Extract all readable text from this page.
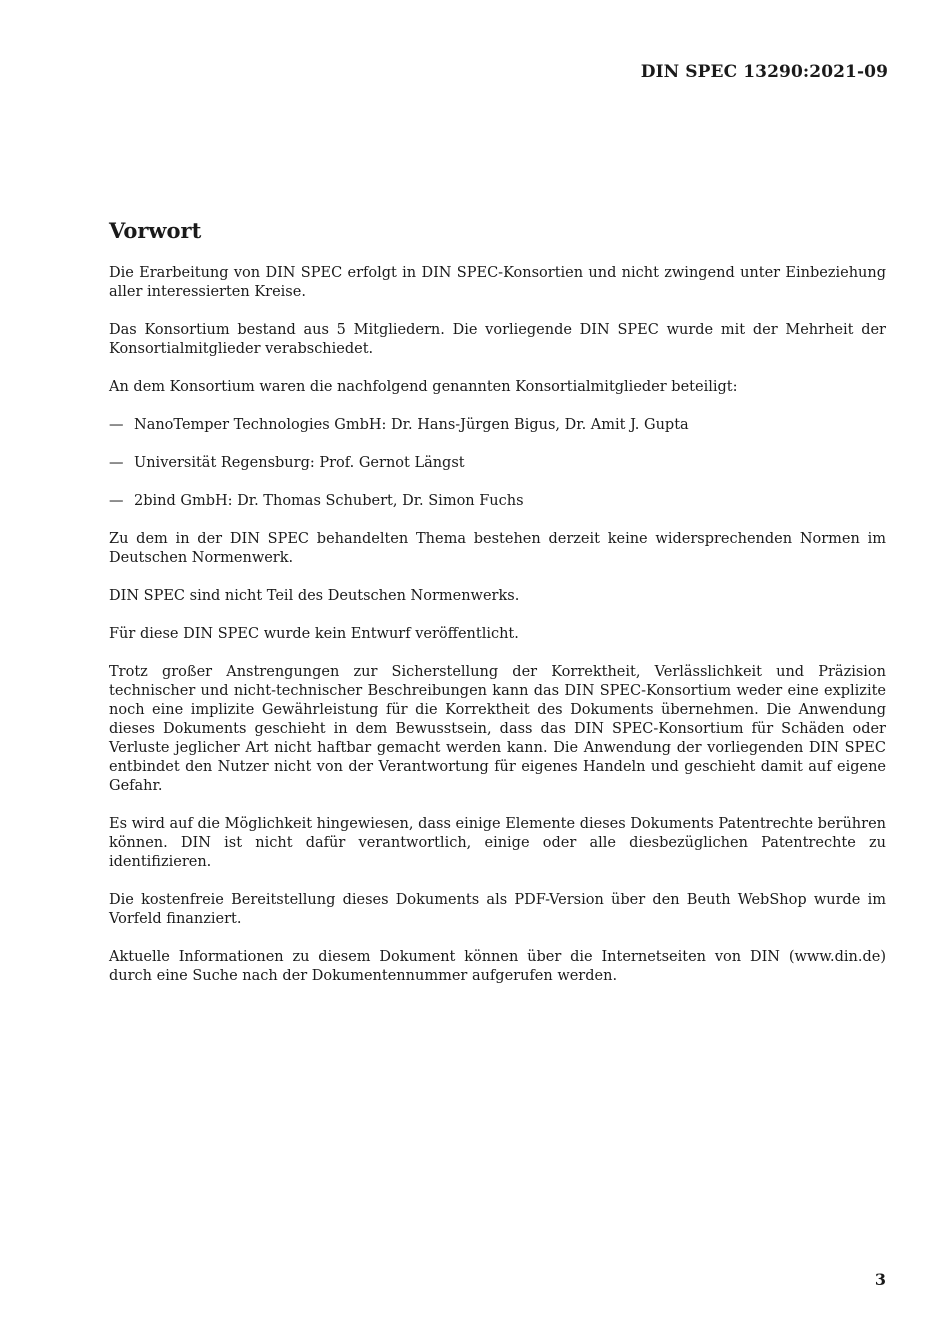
DIN SPEC 13290:2021-09
Vorwort

Die Erarbeitung von DIN SPEC erfolgt in DIN SPEC-Konsortien und nicht zwingend unter Einbeziehung aller interessierten Kreise.

Das Konsortium bestand aus 5 Mitgliedern. Die vorliegende DIN SPEC wurde mit der Mehrheit der Konsortialmitglieder verabschiedet.

An dem Konsortium waren die nachfolgend genannten Konsortialmitglieder beteiligt:

— NanoTemper Technologies GmbH: Dr. Hans-Jürgen Bigus, Dr. Amit J. Gupta
— Universität Regensburg: Prof. Gernot Längst
— 2bind GmbH: Dr. Thomas Schubert, Dr. Simon Fuchs

Zu dem in der DIN SPEC behandelten Thema bestehen derzeit keine widersprechenden Normen im Deutschen Normenwerk.

DIN SPEC sind nicht Teil des Deutschen Normenwerks.

Für diese DIN SPEC wurde kein Entwurf veröffentlicht.

Trotz großer Anstrengungen zur Sicherstellung der Korrektheit, Verlässlichkeit und Präzision technischer und nicht-technischer Beschreibungen kann das DIN SPEC-Konsortium weder eine explizite noch eine implizite Gewährleistung für die Korrektheit des Dokuments übernehmen. Die Anwendung dieses Dokuments geschieht in dem Bewusstsein, dass das DIN SPEC-Konsortium für Schäden oder Verluste jeglicher Art nicht haftbar gemacht werden kann. Die Anwendung der vorliegenden DIN SPEC entbindet den Nutzer nicht von der Verantwortung für eigenes Handeln und geschieht damit auf eigene Gefahr.

Es wird auf die Möglichkeit hingewiesen, dass einige Elemente dieses Dokuments Patentrechte berühren können. DIN ist nicht dafür verantwortlich, einige oder alle diesbezüglichen Patentrechte zu identifizieren.

Die kostenfreie Bereitstellung dieses Dokuments als PDF-Version über den Beuth WebShop wurde im Vorfeld finanziert.

Aktuelle Informationen zu diesem Dokument können über die Internetseiten von DIN (www.din.de) durch eine Suche nach der Dokumentennummer aufgerufen werden.

3
